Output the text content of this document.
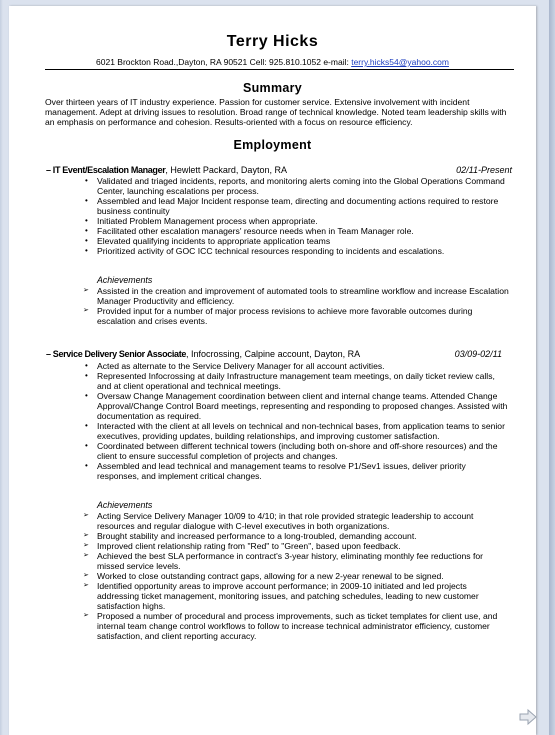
Terry Hicks
6021 Brockton Road.,Dayton, RA 90521 Cell: 925.810.1052 e-mail: terry.hicks54@yahoo.com
Summary
Over thirteen years of IT industry experience. Passion for customer service. Extensive involvement with incident management. Adept at driving issues to resolution. Broad range of technical knowledge. Noted team leadership skills with an emphasis on performance and cohesion. Results-oriented with a focus on resource efficiency.
Employment
– IT Event/Escalation Manager, Hewlett Packard, Dayton, RA	02/11-Present
• Validated and triaged incidents, reports, and monitoring alerts coming into the Global Operations Command Center, launching escalations per process.
• Assembled and lead Major Incident response team, directing and documenting actions required to restore business continuity
• Initiated Problem Management process when appropriate.
• Facilitated other escalation managers' resource needs when in Team Manager role.
• Elevated qualifying incidents to appropriate application teams
• Prioritized activity of GOC ICC technical resources responding to incidents and escalations.
Achievements
➢ Assisted in the creation and improvement of automated tools to streamline workflow and increase Escalation Manager Productivity and efficiency.
➢ Provided input for a number of major process revisions to achieve more favorable outcomes during escalation and crises events.
– Service Delivery Senior Associate, Infocrossing, Calpine account, Dayton, RA	03/09-02/11
• Acted as alternate to the Service Delivery Manager for all account activities.
• Represented Infocrossing at daily Infrastructure management team meetings, on daily ticket review calls, and at client operational and technical meetings.
• Oversaw Change Management coordination between client and internal change teams. Attended Change Approval/Change Control Board meetings, representing and responding to proposed changes. Assisted with documentation as required.
• Interacted with the client at all levels on technical and non-technical bases, from application teams to senior executives, providing updates, building relationships, and improving customer satisfaction.
• Coordinated between different technical towers (including both on-shore and off-shore resources) and the client to ensure successful completion of projects and changes.
• Assembled and lead technical and management teams to resolve P1/Sev1 issues, deliver priority responses, and implement critical changes.
Achievements
➢ Acting Service Delivery Manager 10/09 to 4/10; in that role provided strategic leadership to account resources and regular dialogue with C-level executives in both organizations.
➢ Brought stability and increased performance to a long-troubled, demanding account.
➢ Improved client relationship rating from "Red" to "Green", based upon feedback.
➢ Achieved the best SLA performance in contract's 3-year history, eliminating monthly fee reductions for missed service levels.
➢ Worked to close outstanding contract gaps, allowing for a new 2-year renewal to be signed.
➢ Identified opportunity areas to improve account performance; in 2009-10 initiated and led projects addressing ticket management, monitoring issues, and patching schedules, leading to new customer satisfaction highs.
➢ Proposed a number of procedural and process improvements, such as ticket templates for client use, and internal team change control workflows to follow to increase technical administrator efficiency, customer satisfaction, and client reporting accuracy.
